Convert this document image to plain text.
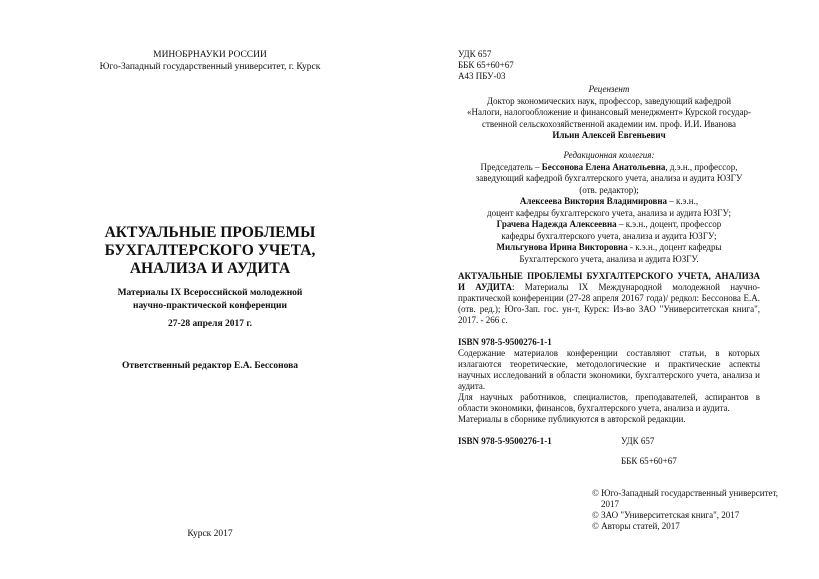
МИНОБРНАУКИ РОССИИ
Юго-Западный государственный университет, г. Курск
АКТУАЛЬНЫЕ ПРОБЛЕМЫ
БУХГАЛТЕРСКОГО УЧЕТА,
АНАЛИЗА И АУДИТА
Материалы IX Всероссийской молодежной
научно-практической конференции
27-28 апреля 2017 г.
Ответственный редактор Е.А. Бессонова
Курск 2017
УДК 657
ББК 65+60+67
А43 ПБУ-03
Рецензент
Доктор экономических наук, профессор, заведующий кафедрой
«Налоги, налогообложение и финансовый менеджмент» Курской государ-
ственной сельскохозяйственной академии им. проф. И.И. Иванова
Ильин Алексей Евгеньевич
Редакционная коллегия:
Председатель – Бессонова Елена Анатольевна, д.э.н., профессор,
заведующий кафедрой бухгалтерского учета, анализа и аудита ЮЗГУ
(отв. редактор);
Алексеева Виктория Владимировна – к.э.н.,
доцент кафедры бухгалтерского учета, анализа и аудита ЮЗГУ;
Грачева Надежда Алексеевна – к.э.н., доцент, профессор
кафедры бухгалтерского учета, анализа и аудита ЮЗГУ;
Мильгунова Ирина Викторовна - к.э.н., доцент кафедры
Бухгалтерского учета, анализа и аудита ЮЗГУ.
АКТУАЛЬНЫЕ ПРОБЛЕМЫ БУХГАЛТЕРСКОГО УЧЕТА, АНАЛИЗА И АУДИТА: Материалы IX Международной молодежной научно-практической конференции (27-28 апреля 20167 года)/ редкол: Бессонова Е.А. (отв. ред.); Юго-Зап. гос. ун-т, Курск: Из-во ЗАО "Университетская книга", 2017. - 266 с.

ISBN 978-5-9500276-1-1

Содержание материалов конференции составляют статьи, в которых излагаются теоретические, методологические и практические аспекты научных исследований в области экономики, бухгалтерского учета, анализа и аудита.

Для научных работников, специалистов, преподавателей, аспирантов в области экономики, финансов, бухгалтерского учета, анализа и аудита.

Материалы в сборнике публикуются в авторской редакции.

ISBN 978-5-9500276-1-1	УДК 657
ББК 65+60+67
© Юго-Западный государственный университет, 2017
© ЗАО "Университетская книга", 2017
© Авторы статей, 2017
